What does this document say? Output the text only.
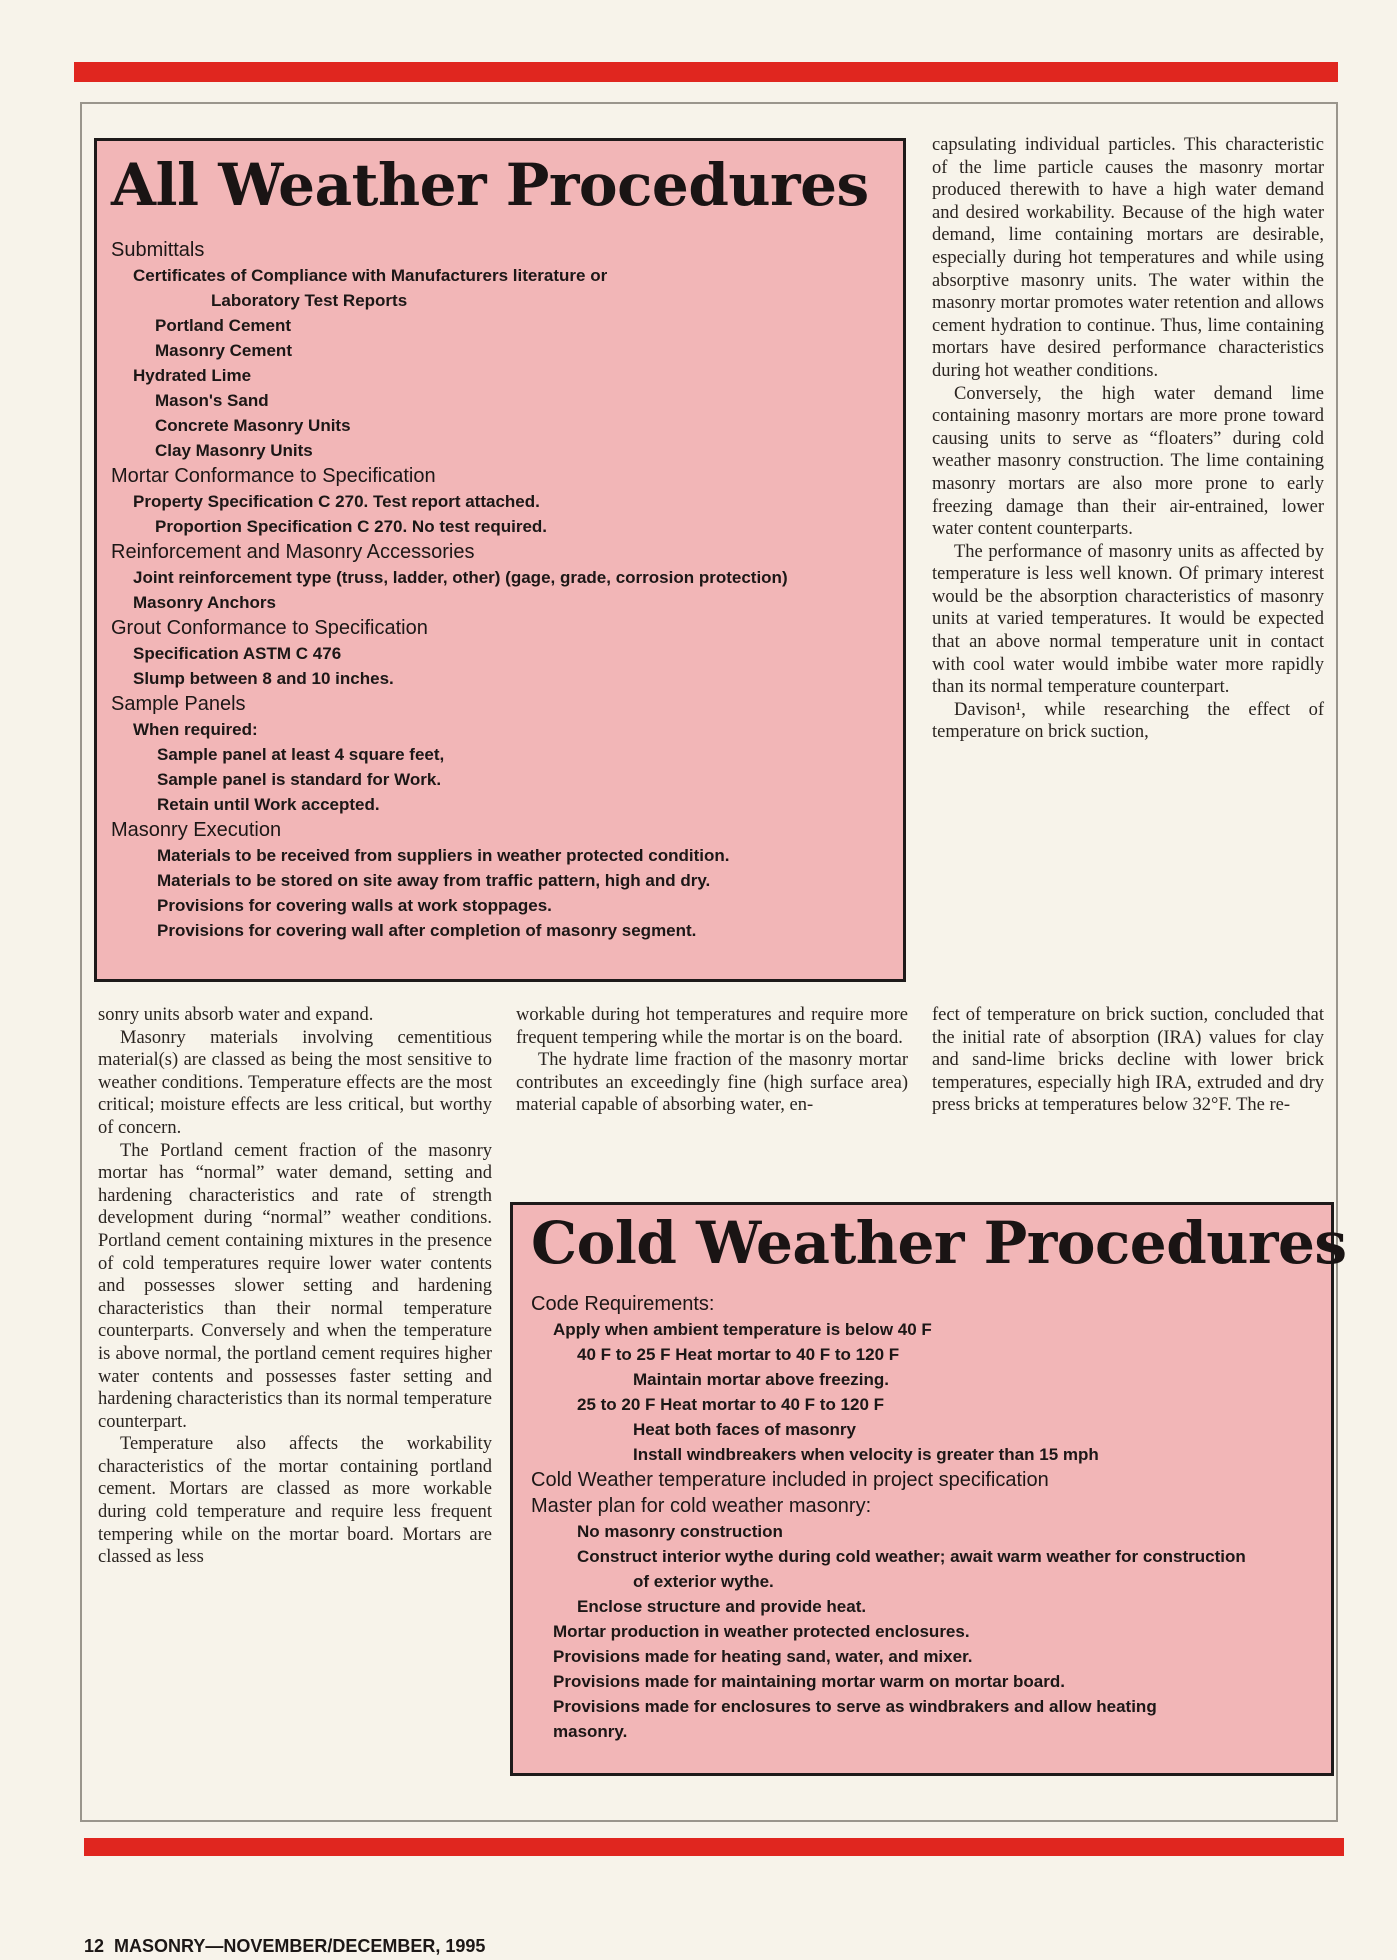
All Weather Procedures
Submittals
Certificates of Compliance with Manufacturers literature or
Laboratory Test Reports
Portland Cement
Masonry Cement
Hydrated Lime
Mason's Sand
Concrete Masonry Units
Clay Masonry Units
Mortar Conformance to Specification
Property Specification C 270. Test report attached.
Proportion Specification C 270. No test required.
Reinforcement and Masonry Accessories
Joint reinforcement type (truss, ladder, other) (gage, grade, corrosion protection)
Masonry Anchors
Grout Conformance to Specification
Specification ASTM C 476
Slump between 8 and 10 inches.
Sample Panels
When required:
Sample panel at least 4 square feet,
Sample panel is standard for Work.
Retain until Work accepted.
Masonry Execution
Materials to be received from suppliers in weather protected condition.
Materials to be stored on site away from traffic pattern, high and dry.
Provisions for covering walls at work stoppages.
Provisions for covering wall after completion of masonry segment.

capsulating individual particles. This characteristic of the lime particle causes the masonry mortar produced therewith to have a high water demand and desired workability. Because of the high water demand, lime containing mortars are desirable, especially during hot temperatures and while using absorptive masonry units. The water within the masonry mortar promotes water retention and allows cement hydration to continue. Thus, lime containing mortars have desired performance characteristics during hot weather conditions.

Conversely, the high water demand lime containing masonry mortars are more prone toward causing units to serve as “floaters” during cold weather masonry construction. The lime containing masonry mortars are also more prone to early freezing damage than their air-entrained, lower water content counterparts.

The performance of masonry units as affected by temperature is less well known. Of primary interest would be the absorption characteristics of masonry units at varied temperatures. It would be expected that an above normal temperature unit in contact with cool water would imbibe water more rapidly than its normal temperature counterpart.

Davison¹, while researching the effect of temperature on brick suction,

sonry units absorb water and expand.

Masonry materials involving cementitious material(s) are classed as being the most sensitive to weather conditions. Temperature effects are the most critical; moisture effects are less critical, but worthy of concern.

The Portland cement fraction of the masonry mortar has “normal” water demand, setting and hardening characteristics and rate of strength development during “normal” weather conditions. Portland cement containing mixtures in the presence of cold temperatures require lower water contents and possesses slower setting and hardening characteristics than their normal temperature counterparts. Conversely and when the temperature is above normal, the portland cement requires higher water contents and possesses faster setting and hardening characteristics than its normal temperature counterpart.

Temperature also affects the workability characteristics of the mortar containing portland cement. Mortars are classed as more workable during cold temperature and require less frequent tempering while on the mortar board. Mortars are classed as less

workable during hot temperatures and require more frequent tempering while the mortar is on the board.

The hydrate lime fraction of the masonry mortar contributes an exceedingly fine (high surface area) material capable of absorbing water, en-

fect of temperature on brick suction, concluded that the initial rate of absorption (IRA) values for clay and sand-lime bricks decline with lower brick temperatures, especially high IRA, extruded and dry press bricks at temperatures below 32°F. The re-

Cold Weather Procedures
Code Requirements:
Apply when ambient temperature is below 40 F
40 F to 25 F Heat mortar to 40 F to 120 F
Maintain mortar above freezing.
25 to 20 F Heat mortar to 40 F to 120 F
Heat both faces of masonry
Install windbreakers when velocity is greater than 15 mph
Cold Weather temperature included in project specification
Master plan for cold weather masonry:
No masonry construction
Construct interior wythe during cold weather; await warm weather for construction
of exterior wythe.
Enclose structure and provide heat.
Mortar production in weather protected enclosures.
Provisions made for heating sand, water, and mixer.
Provisions made for maintaining mortar warm on mortar board.
Provisions made for enclosures to serve as windbrakers and allow heating
masonry.
12 MASONRY—NOVEMBER/DECEMBER, 1995
